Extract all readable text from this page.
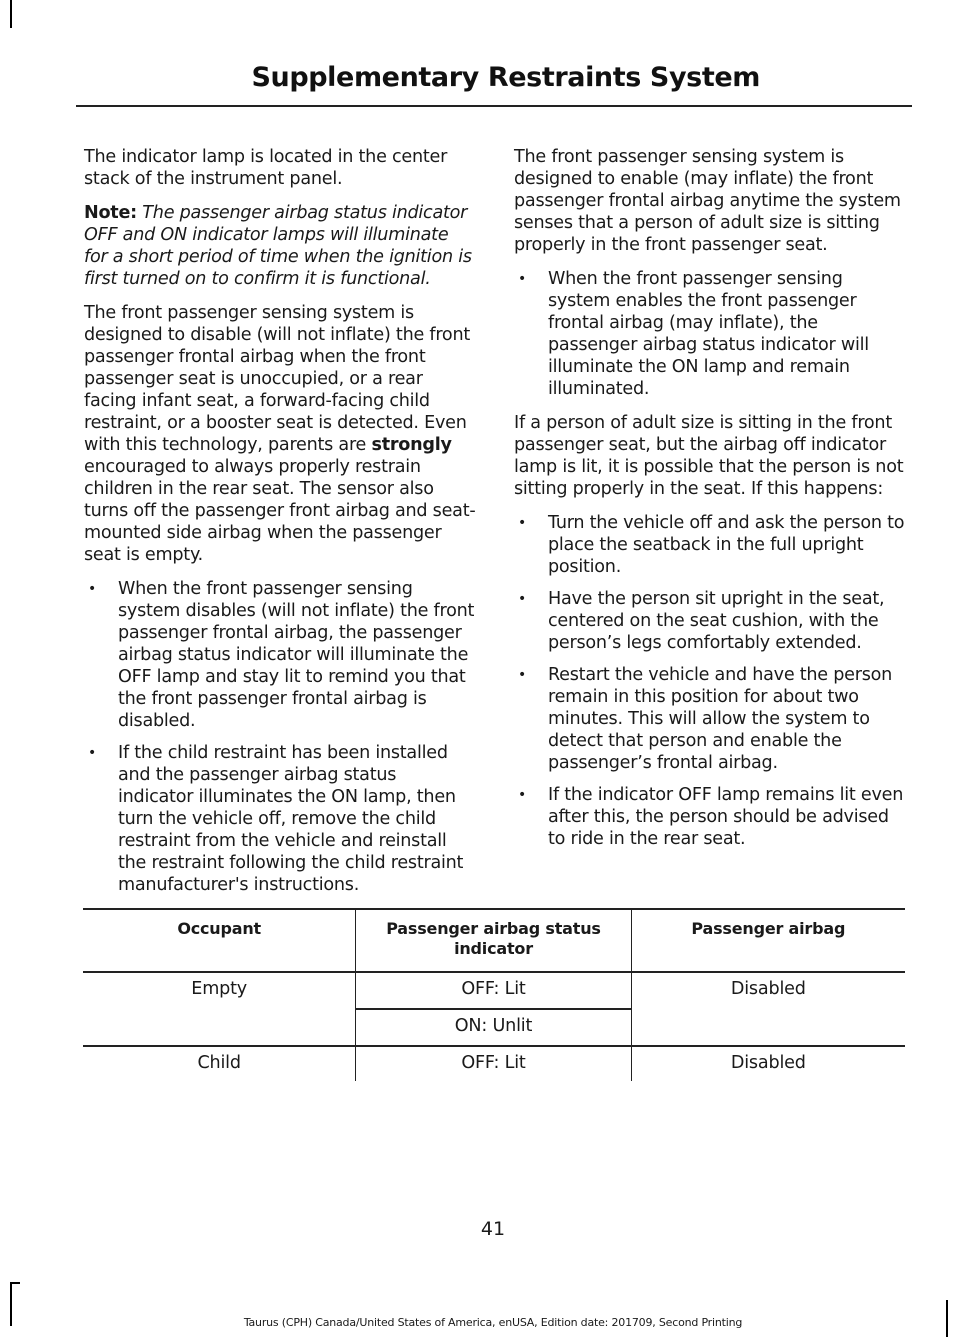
Supplementary Restraints System

The indicator lamp is located in the center stack of the instrument panel.

Note: The passenger airbag status indicator OFF and ON indicator lamps will illuminate for a short period of time when the ignition is first turned on to confirm it is functional.

The front passenger sensing system is designed to disable (will not inflate) the front passenger frontal airbag when the front passenger seat is unoccupied, or a rear facing infant seat, a forward-facing child restraint, or a booster seat is detected. Even with this technology, parents are strongly encouraged to always properly restrain children in the rear seat. The sensor also turns off the passenger front airbag and seat-mounted side airbag when the passenger seat is empty.

• When the front passenger sensing system disables (will not inflate) the front passenger frontal airbag, the passenger airbag status indicator will illuminate the OFF lamp and stay lit to remind you that the front passenger frontal airbag is disabled.
• If the child restraint has been installed and the passenger airbag status indicator illuminates the ON lamp, then turn the vehicle off, remove the child restraint from the vehicle and reinstall the restraint following the child restraint manufacturer's instructions.

The front passenger sensing system is designed to enable (may inflate) the front passenger frontal airbag anytime the system senses that a person of adult size is sitting properly in the front passenger seat.

• When the front passenger sensing system enables the front passenger frontal airbag (may inflate), the passenger airbag status indicator will illuminate the ON lamp and remain illuminated.

If a person of adult size is sitting in the front passenger seat, but the airbag off indicator lamp is lit, it is possible that the person is not sitting properly in the seat. If this happens:

• Turn the vehicle off and ask the person to place the seatback in the full upright position.
• Have the person sit upright in the seat, centered on the seat cushion, with the person’s legs comfortably extended.
• Restart the vehicle and have the person remain in this position for about two minutes. This will allow the system to detect that person and enable the passenger’s frontal airbag.
• If the indicator OFF lamp remains lit even after this, the person should be advised to ride in the rear seat.
Occupant	Passenger airbag status indicator	Passenger airbag
Empty	OFF: Lit	Disabled
	ON: Unlit	
Child	OFF: Lit	Disabled
41
Taurus (CPH) Canada/United States of America, enUSA, Edition date: 201709, Second Printing
